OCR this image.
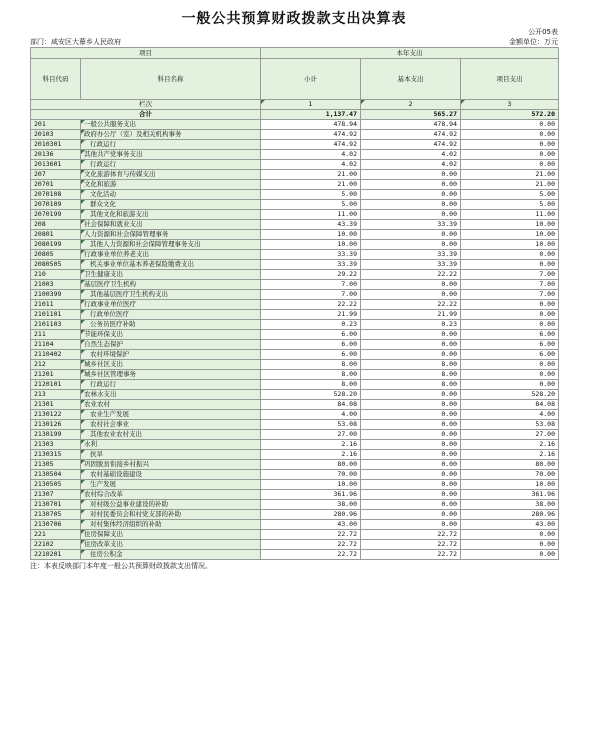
一般公共预算财政拨款支出决算表
公开05表
部门：咸安区大幕乡人民政府	金额单位：万元
项目		本年支出		
科目代码	科目名称	小计	基本支出	项目支出
栏次		1	2	3
合计		1,137.47	565.27	572.20
201	一般公共服务支出	478.94	478.94	0.00
20103	政府办公厅（室）及相关机构事务	474.92	474.92	0.00
2010301	行政运行	474.92	474.92	0.00
20136	其他共产党事务支出	4.02	4.02	0.00
2013601	行政运行	4.02	4.02	0.00
207	文化旅游体育与传媒支出	21.00	0.00	21.00
20701	文化和旅游	21.00	0.00	21.00
2070108	文化活动	5.00	0.00	5.00
2070109	群众文化	5.00	0.00	5.00
2070199	其他文化和旅游支出	11.00	0.00	11.00
208	社会保障和就业支出	43.39	33.39	10.00
20801	人力资源和社会保障管理事务	10.00	0.00	10.00
2080199	其他人力资源和社会保障管理事务支出	10.00	0.00	10.00
20805	行政事业单位养老支出	33.39	33.39	0.00
2080505	机关事业单位基本养老保险缴费支出	33.39	33.39	0.00
210	卫生健康支出	29.22	22.22	7.00
21003	基层医疗卫生机构	7.00	0.00	7.00
2100399	其他基层医疗卫生机构支出	7.00	0.00	7.00
21011	行政事业单位医疗	22.22	22.22	0.00
2101101	行政单位医疗	21.99	21.99	0.00
2101103	公务员医疗补助	0.23	0.23	0.00
211	节能环保支出	6.00	0.00	6.00
21104	自然生态保护	6.00	0.00	6.00
2110402	农村环境保护	6.00	0.00	6.00
212	城乡社区支出	8.00	8.00	0.00
21201	城乡社区管理事务	8.00	8.00	0.00
2120101	行政运行	8.00	8.00	0.00
213	农林水支出	528.20	0.00	528.20
21301	农业农村	84.08	0.00	84.08
2130122	农业生产发展	4.00	0.00	4.00
2130126	农村社会事业	53.08	0.00	53.08
2130199	其他农业农村支出	27.00	0.00	27.00
21303	水利	2.16	0.00	2.16
2130315	抗旱	2.16	0.00	2.16
21305	巩固脱贫衔接乡村振兴	80.00	0.00	80.00
2130504	农村基础设施建设	70.00	0.00	70.00
2130505	生产发展	10.00	0.00	10.00
21307	农村综合改革	361.96	0.00	361.96
2130701	对村级公益事业建设的补助	38.00	0.00	38.00
2130705	对村民委员会和村党支部的补助	280.96	0.00	280.96
2130706	对村集体经济组织的补助	43.00	0.00	43.00
221	住房保障支出	22.72	22.72	0.00
22102	住房改革支出	22.72	22.72	0.00
2210201	住房公积金	22.72	22.72	0.00
注：本表反映部门本年度一般公共预算财政拨款支出情况。
